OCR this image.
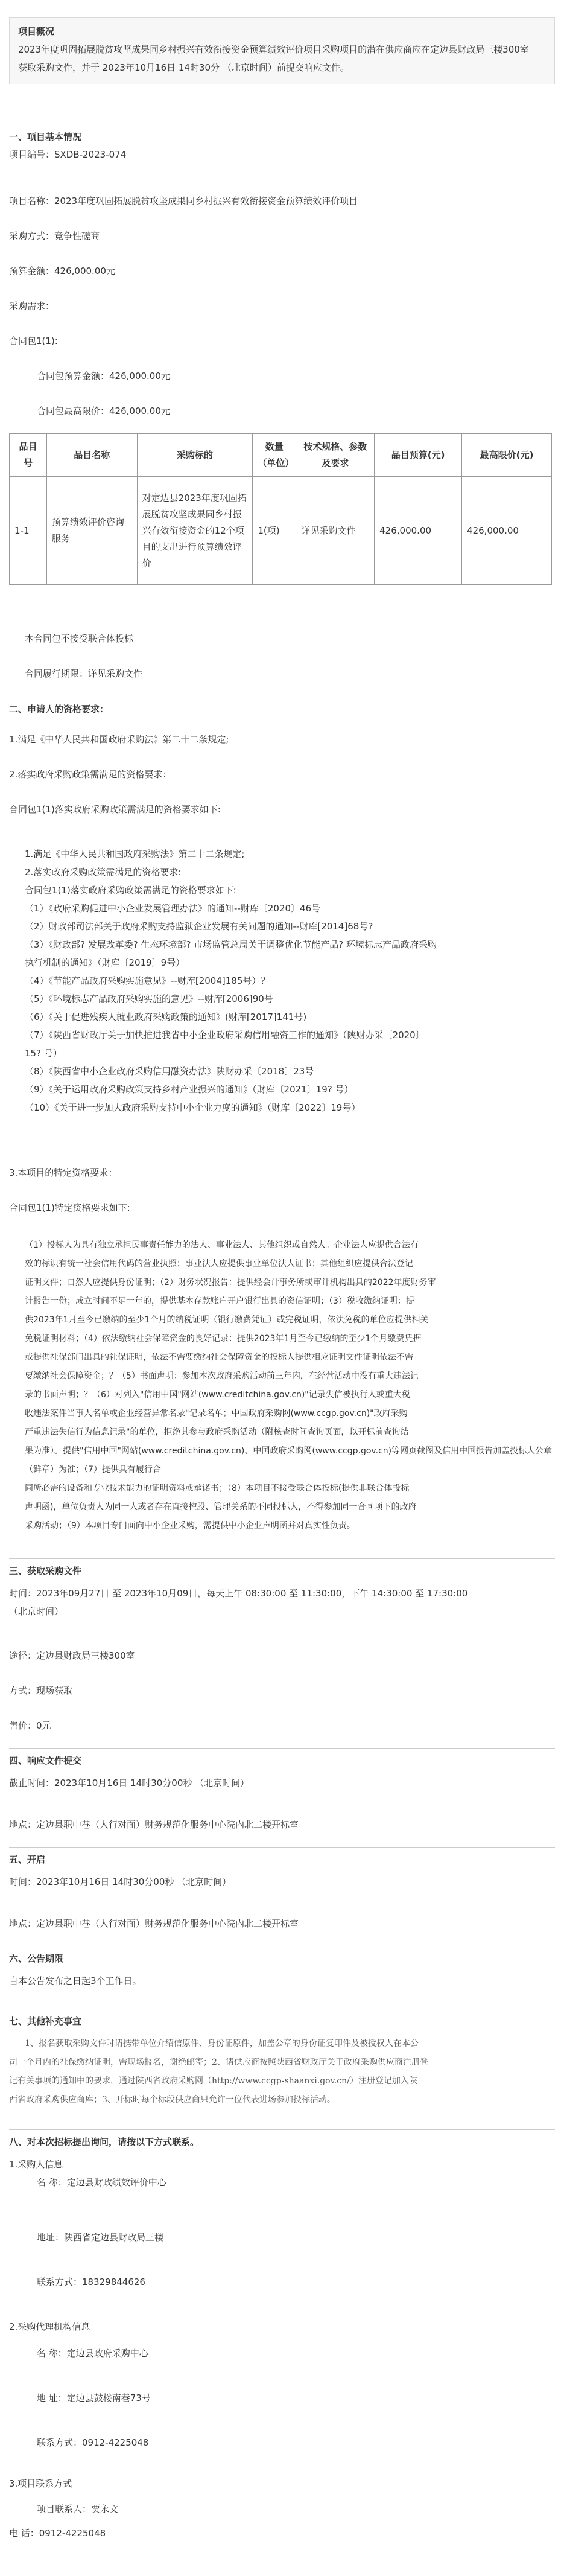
项目概况

2023年度巩固拓展脱贫攻坚成果同乡村振兴有效衔接资金预算绩效评价项目采购项目的潜在供应商应在定边县财政局三楼300室

获取采购文件，并于 2023年10月16日 14时30分 （北京时间）前提交响应文件。

一、项目基本情况

项目编号：SXDB-2023-074

项目名称：2023年度巩固拓展脱贫攻坚成果同乡村振兴有效衔接资金预算绩效评价项目

采购方式：竞争性磋商

预算金额：426,000.00元

采购需求：

合同包1(1):

合同包预算金额：426,000.00元

合同包最高限价：426,000.00元

品目号	品目名称	采购标的	数量（单位）	技术规格、参数及要求	品目预算(元)	最高限价(元)
1-1	预算绩效评价咨询服务	对定边县2023年度巩固拓展脱贫攻坚成果同乡村振兴有效衔接资金的12个项目的支出进行预算绩效评价	1(项)	详见采购文件	426,000.00	426,000.00

本合同包不接受联合体投标

合同履行期限：详见采购文件

二、申请人的资格要求：

1.满足《中华人民共和国政府采购法》第二十二条规定;

2.落实政府采购政策需满足的资格要求：

合同包1(1)落实政府采购政策需满足的资格要求如下:

1.满足《中华人民共和国政府采购法》第二十二条规定;

2.落实政府采购政策需满足的资格要求:

合同包1(1)落实政府采购政策需满足的资格要求如下:

（1）《政府采购促进中小企业发展管理办法》的通知--财库〔2020〕46号

（2）财政部司法部关于政府采购支持监狱企业发展有关问题的通知--财库[2014]68号?

（3）《财政部? 发展改革委? 生态环境部? 市场监管总局关于调整优化节能产品? 环境标志产品政府采购

执行机制的通知》（财库〔2019〕9号）

（4）《节能产品政府采购实施意见》--财库[2004]185号）？

（5）《环境标志产品政府采购实施的意见》--财库[2006]90号

（6）《关于促进残疾人就业政府采购政策的通知》(财库[2017]141号)

（7）《陕西省财政厅关于加快推进我省中小企业政府采购信用融资工作的通知》（陕财办采〔2020〕

15? 号）

（8）《陕西省中小企业政府采购信用融资办法》陕财办采〔2018〕23号

（9）《关于运用政府采购政策支持乡村产业振兴的通知》（财库〔2021〕19? 号）

（10）《关于进一步加大政府采购支持中小企业力度的通知》（财库〔2022〕19号）

3.本项目的特定资格要求：

合同包1(1)特定资格要求如下:

（1）投标人为具有独立承担民事责任能力的法人、事业法人、其他组织或自然人。企业法人应提供合法有

效的标识有统一社会信用代码的营业执照；事业法人应提供事业单位法人证书；其他组织应提供合法登记

证明文件；自然人应提供身份证明；（2）财务状况报告：提供经会计事务所或审计机构出具的2022年度财务审

计报告一份；成立时间不足一年的，提供基本存款账户开户银行出具的资信证明；（3）税收缴纳证明：提

供2023年1月至今已缴纳的至少1个月的纳税证明（银行缴费凭证）或完税证明，依法免税的单位应提供相关

免税证明材料；（4）依法缴纳社会保障资金的良好记录：提供2023年1月至今已缴纳的至少1个月缴费凭据

或提供社保部门出具的社保证明，依法不需要缴纳社会保障资金的投标人提供相应证明文件证明依法不需

要缴纳社会保障资金；？（5）书面声明：参加本次政府采购活动前三年内，在经营活动中没有重大违法记

录的书面声明；？（6）对列入"信用中国"网站(www.creditchina.gov.cn)"记录失信被执行人或重大税

收违法案件当事人名单或企业经营异常名录"记录名单；中国政府采购网(www.ccgp.gov.cn)"政府采购

严重违法失信行为信息记录"的单位，拒绝其参与政府采购活动（附核查时间查询页面，以开标前查询结

果为准）。提供"信用中国"网站(www.creditchina.gov.cn)、中国政府采购网(www.ccgp.gov.cn)等网页截图及信用中国报告加盖投标人公章（鲜章）为准；（7）提供具有履行合

同所必需的设备和专业技术能力的证明资料或承诺书；（8）本项目不接受联合体投标(提供非联合体投标

声明函)，单位负责人为同一人或者存在直接控股、管理关系的不同投标人，不得参加同一合同项下的政府

采购活动；（9）本项目专门面向中小企业采购，需提供中小企业声明函并对真实性负责。

三、获取采购文件

时间：2023年09月27日 至 2023年10月09日，每天上午 08:30:00 至 11:30:00，下午 14:30:00 至 17:30:00

（北京时间）

途径：定边县财政局三楼300室

方式：现场获取

售价：0元

四、响应文件提交

截止时间：2023年10月16日 14时30分00秒 （北京时间）

地点：定边县职中巷（人行对面）财务规范化服务中心院内北二楼开标室

五、开启

时间：2023年10月16日 14时30分00秒 （北京时间）

地点：定边县职中巷（人行对面）财务规范化服务中心院内北二楼开标室

六、公告期限

自本公告发布之日起3个工作日。

七、其他补充事宜

1、报名获取采购文件时请携带单位介绍信原件、身份证原件，加盖公章的身份证复印件及被授权人在本公

司一个月内的社保缴纳证明，需现场报名，谢绝邮寄；2、请供应商按照陕西省财政厅关于政府采购供应商注册登

记有关事项的通知中的要求，通过陕西省政府采购网（http://www.ccgp-shaanxi.gov.cn/）注册登记加入陕

西省政府采购供应商库；3、开标时每个标段供应商只允许一位代表进场参加投标活动。

八、对本次招标提出询问，请按以下方式联系。

1.采购人信息

名 称：定边县财政绩效评价中心

地址：陕西省定边县财政局三楼

联系方式：18329844626

2.采购代理机构信息

名 称：定边县政府采购中心

地 址：定边县鼓楼南巷73号

联系方式：0912-4225048

3.项目联系方式

项目联系人：贾永文

电 话：0912-4225048
